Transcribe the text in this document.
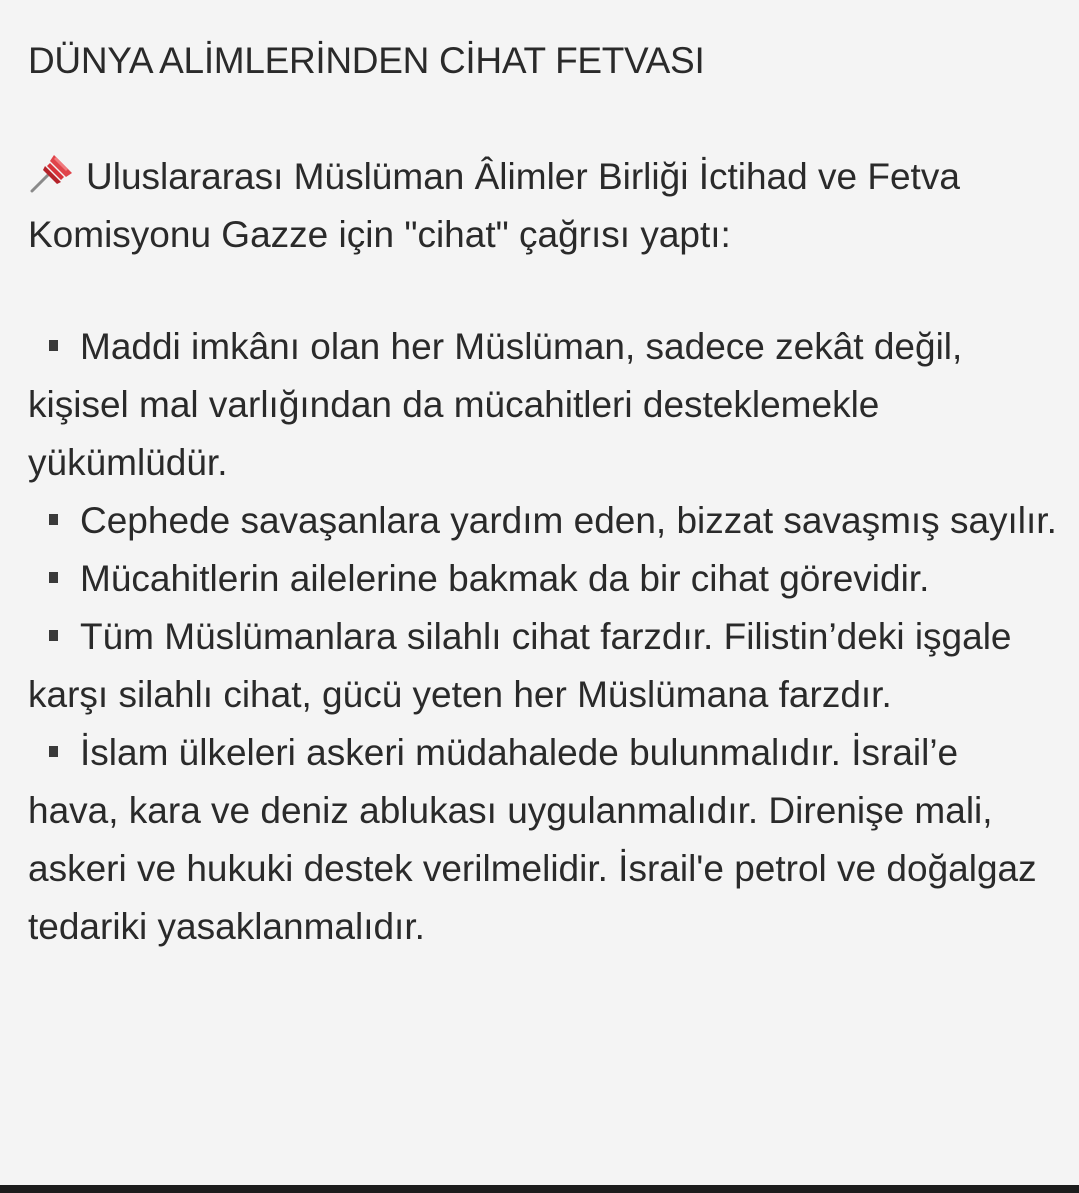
DÜNYA ALİMLERİNDEN CİHAT FETVASI
Uluslararası Müslüman Âlimler Birliği İctihad ve Fetva Komisyonu Gazze için "cihat" çağrısı yaptı:
Maddi imkânı olan her Müslüman, sadece zekât değil, kişisel mal varlığından da mücahitleri desteklemekle yükümlüdür.
Cephede savaşanlara yardım eden, bizzat savaşmış sayılır.
Mücahitlerin ailelerine bakmak da bir cihat görevidir.
Tüm Müslümanlara silahlı cihat farzdır. Filistin’deki işgale karşı silahlı cihat, gücü yeten her Müslümana farzdır.
İslam ülkeleri askeri müdahalede bulunmalıdır. İsrail’e hava, kara ve deniz ablukası uygulanmalıdır. Direnişe mali, askeri ve hukuki destek verilmelidir. İsrail'e petrol ve doğalgaz tedariki yasaklanmalıdır.
